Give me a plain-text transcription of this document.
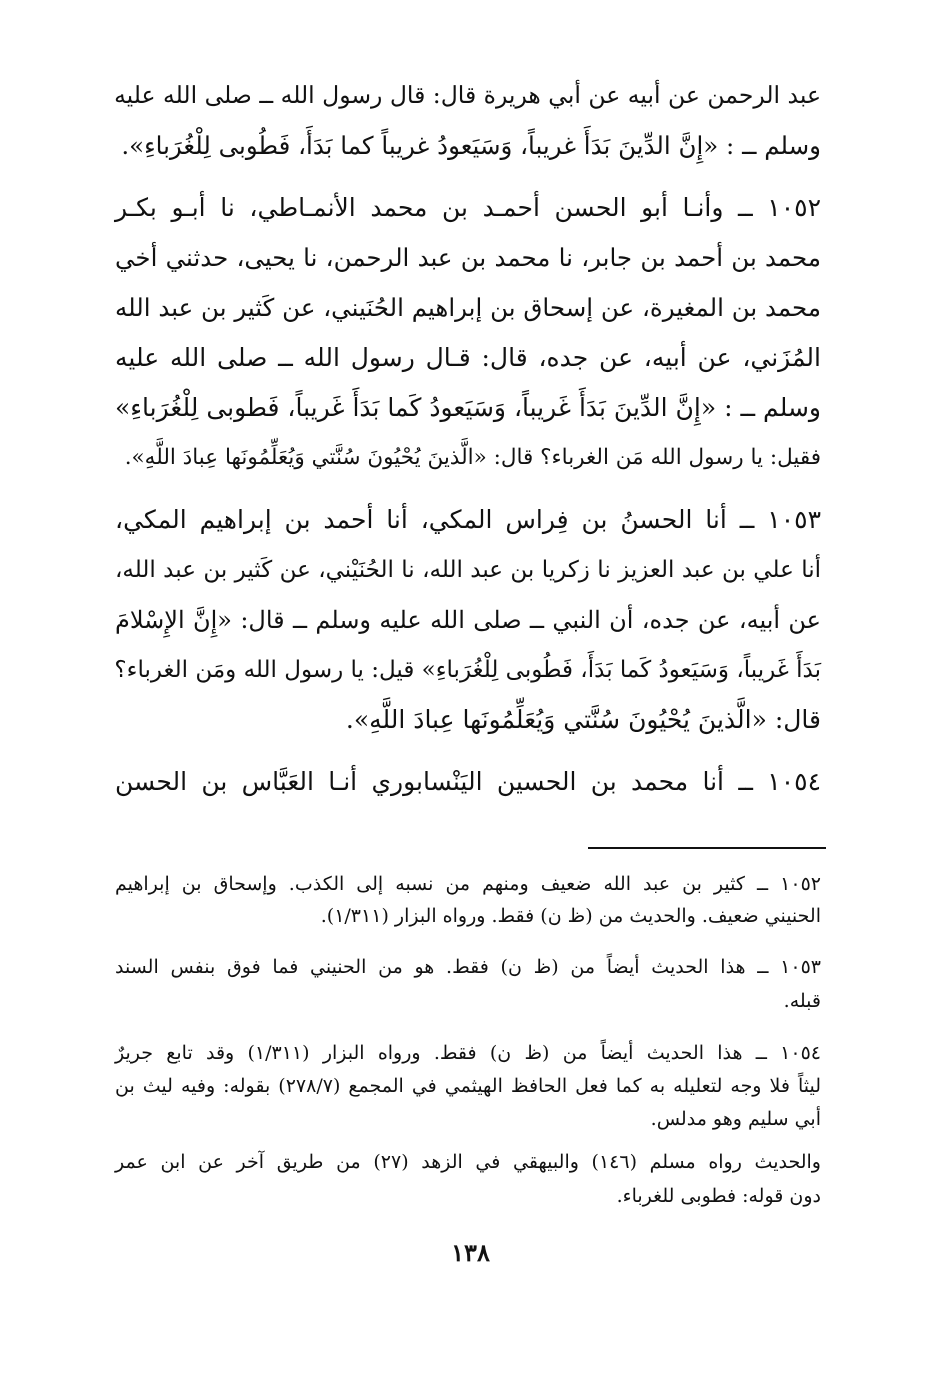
عبد الرحمن عن أبيه عن أبي هريرة قال: قال رسول الله ــ صلى الله عليه
وسلم ــ : «إِنَّ الدِّينَ بَدَأَ غريباً، وَسَيَعودُ غريباً كما بَدَأَ، فَطُوبى لِلْغُرَباءِ».
١٠٥٢ ــ وأنـا أبو الحسن أحمـد بن محمد الأنمـاطي، نا أبـو بكـر
محمد بن أحمد بن جابر، نا محمد بن عبد الرحمن، نا يحيى، حدثني أخي
محمد بن المغيرة، عن إسحاق بن إبراهيم الحُنَيني، عن كَثير بن عبد الله
المُزَني، عن أبيه، عن جده، قال: قـال رسول الله ــ صلى الله عليه
وسلم ــ : «إِنَّ الدِّينَ بَدَأَ غَريباً، وَسَيَعودُ كَما بَدَأَ غَريباً، فَطوبى لِلْغُرَباءِ»
فقيل: يا رسول الله مَن الغرباء؟ قال: «الَّذينَ يُحْيُونَ سُنَّتي وَيُعَلِّمُونَها عِبادَ اللَّهِ».
١٠٥٣ ــ أنا الحسنُ بن فِراس المكي، أنا أحمد بن إبراهيم المكي،
أنا علي بن عبد العزيز نا زكريا بن عبد الله، نا الحُنَيْني، عن كَثير بن عبد الله،
عن أبيه، عن جده، أن النبي ــ صلى الله عليه وسلم ــ قال: «إِنَّ الإِسْلامَ
بَدَأَ غَريباً، وَسَيَعودُ كَما بَدَأَ، فَطُوبى لِلْغُرَباءِ» قيل: يا رسول الله ومَن الغرباء؟
قال: «الَّذينَ يُحْيُونَ سُنَّتي وَيُعَلِّمُونَها عِبادَ اللَّهِ».
١٠٥٤ ــ أنا محمد بن الحسين اليَنْسابوري أنـا العَبَّاس بن الحسن
١٠٥٢ ــ كثير بن عبد الله ضعيف ومنهم من نسبه إلى الكذب. وإسحاق بن إبراهيم
الحنيني ضعيف. والحديث من (ظ ن) فقط. ورواه البزار (١/٣١١).
١٠٥٣ ــ هذا الحديث أيضاً من (ظ ن) فقط. هو من الحنيني فما فوق بنفس السند
قبله.
١٠٥٤ ــ هذا الحديث أيضاً من (ظ ن) فقط. ورواه البزار (١/٣١١) وقد تابع جريرٌ
ليثاً فلا وجه لتعليله به كما فعل الحافظ الهيثمي في المجمع (٢٧٨/٧) بقوله: وفيه ليث بن
أبي سليم وهو مدلس.
والحديث رواه مسلم (١٤٦) والبيهقي في الزهد (٢٧) من طريق آخر عن ابن عمر
دون قوله: فطوبى للغرباء.
١٣٨
